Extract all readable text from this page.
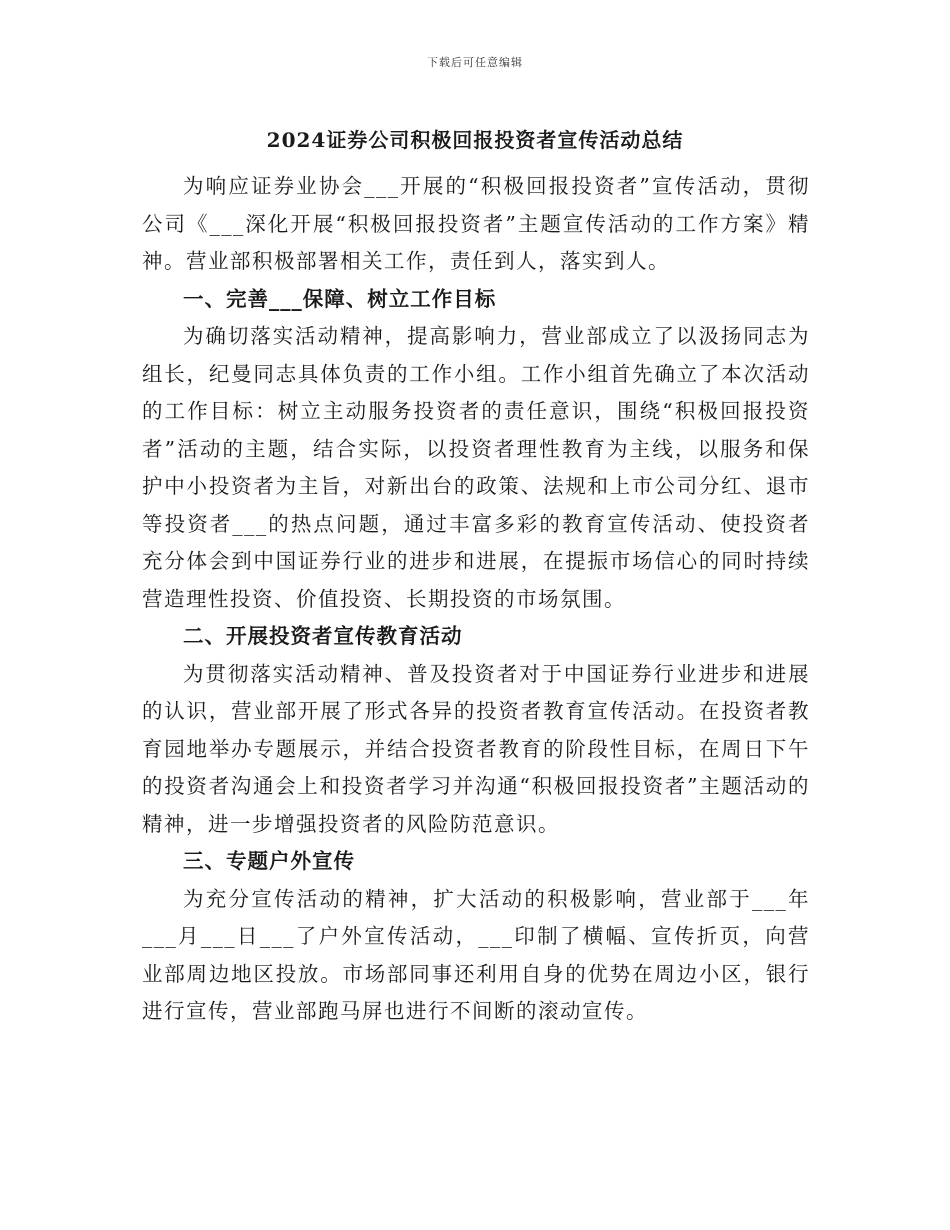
下载后可任意编辑
2024证券公司积极回报投资者宣传活动总结

为响应证券业协会___开展的“积极回报投资者”宣传活动，贯彻公司《___深化开展“积极回报投资者”主题宣传活动的工作方案》精神。营业部积极部署相关工作，责任到人，落实到人。

一、完善___保障、树立工作目标

为确切落实活动精神，提高影响力，营业部成立了以汲扬同志为组长，纪曼同志具体负责的工作小组。工作小组首先确立了本次活动的工作目标：树立主动服务投资者的责任意识，围绕“积极回报投资者”活动的主题，结合实际，以投资者理性教育为主线，以服务和保护中小投资者为主旨，对新出台的政策、法规和上市公司分红、退市等投资者___的热点问题，通过丰富多彩的教育宣传活动、使投资者充分体会到中国证券行业的进步和进展，在提振市场信心的同时持续营造理性投资、价值投资、长期投资的市场氛围。

二、开展投资者宣传教育活动

为贯彻落实活动精神、普及投资者对于中国证券行业进步和进展的认识，营业部开展了形式各异的投资者教育宣传活动。在投资者教育园地举办专题展示，并结合投资者教育的阶段性目标，在周日下午的投资者沟通会上和投资者学习并沟通“积极回报投资者”主题活动的精神，进一步增强投资者的风险防范意识。

三、专题户外宣传

为充分宣传活动的精神，扩大活动的积极影响，营业部于___年___月___日___了户外宣传活动，___印制了横幅、宣传折页，向营业部周边地区投放。市场部同事还利用自身的优势在周边小区，银行进行宣传，营业部跑马屏也进行不间断的滚动宣传。
